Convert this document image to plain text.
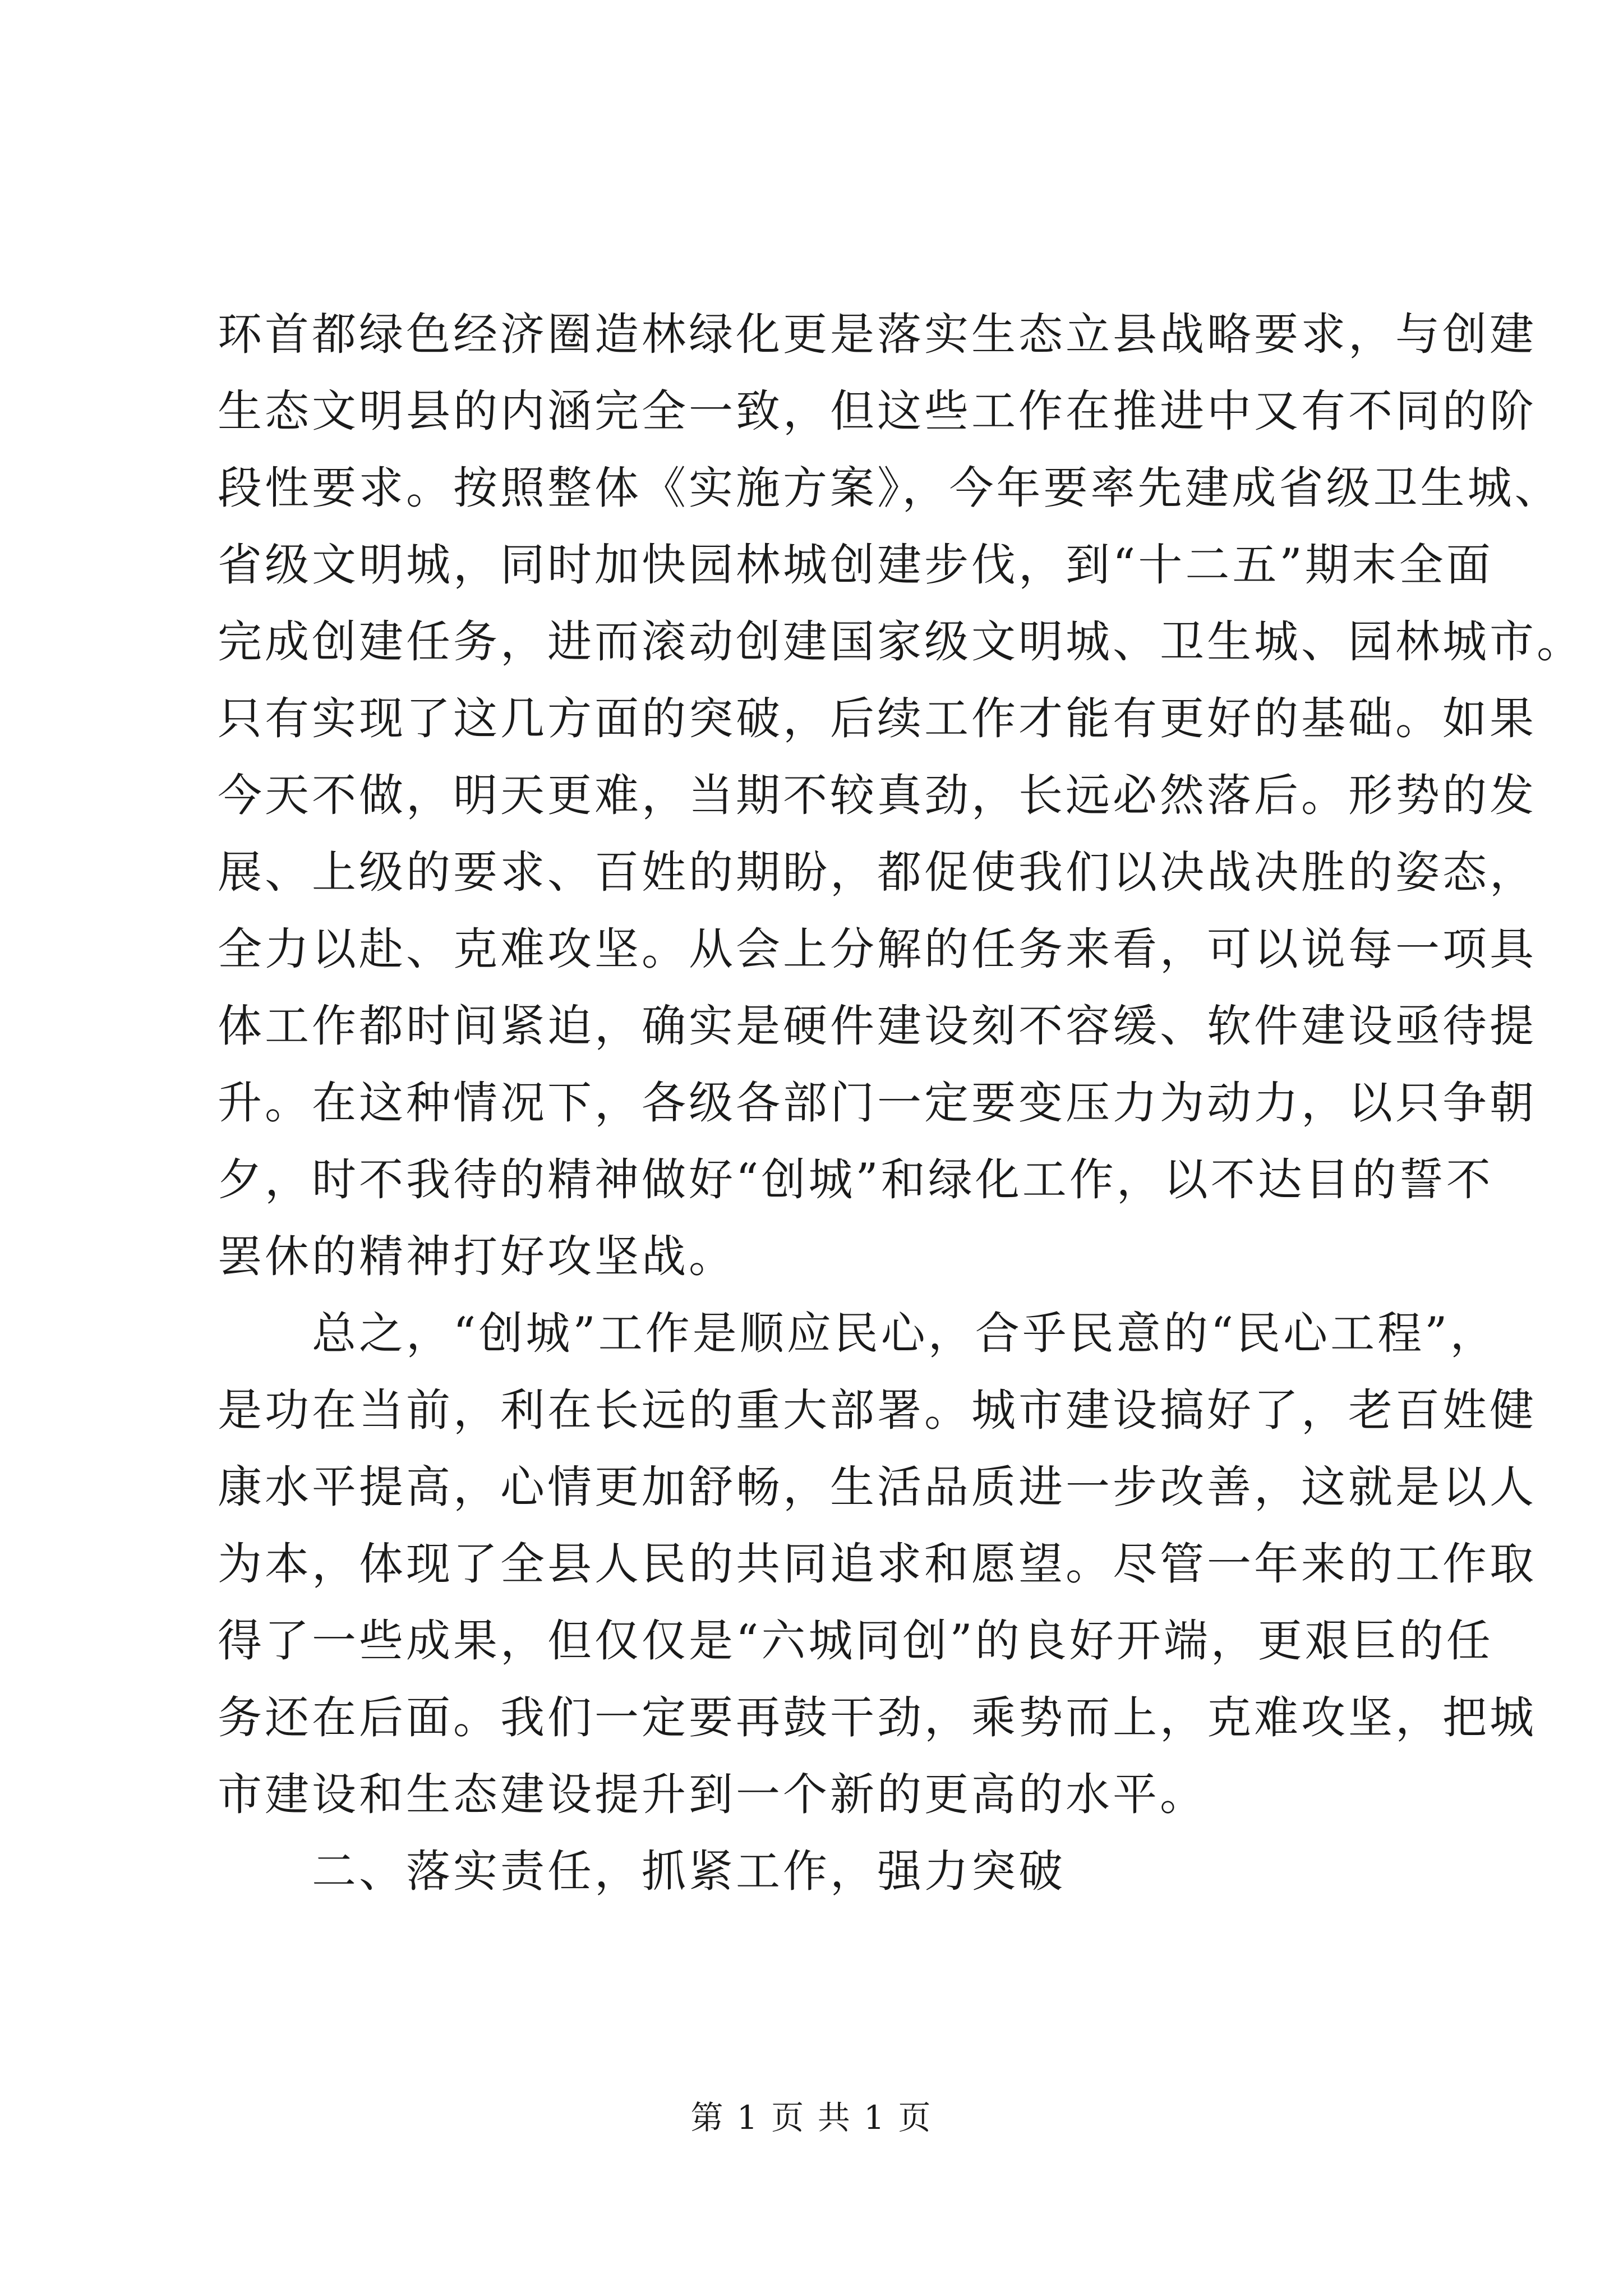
环首都绿色经济圈造林绿化更是落实生态立县战略要求，与创建
生态文明县的内涵完全一致，但这些工作在推进中又有不同的阶
段性要求。按照整体《实施方案》，今年要率先建成省级卫生城、
省级文明城，同时加快园林城创建步伐，到“十二五”期末全面
完成创建任务，进而滚动创建国家级文明城、卫生城、园林城市。
只有实现了这几方面的突破，后续工作才能有更好的基础。如果
今天不做，明天更难，当期不较真劲，长远必然落后。形势的发
展、上级的要求、百姓的期盼，都促使我们以决战决胜的姿态，
全力以赴、克难攻坚。从会上分解的任务来看，可以说每一项具
体工作都时间紧迫，确实是硬件建设刻不容缓、软件建设亟待提
升。在这种情况下，各级各部门一定要变压力为动力，以只争朝
夕，时不我待的精神做好“创城”和绿化工作，以不达目的誓不
罢休的精神打好攻坚战。
总之，“创城”工作是顺应民心，合乎民意的“民心工程”，
是功在当前，利在长远的重大部署。城市建设搞好了，老百姓健
康水平提高，心情更加舒畅，生活品质进一步改善，这就是以人
为本，体现了全县人民的共同追求和愿望。尽管一年来的工作取
得了一些成果，但仅仅是“六城同创”的良好开端，更艰巨的任
务还在后面。我们一定要再鼓干劲，乘势而上，克难攻坚，把城
市建设和生态建设提升到一个新的更高的水平。
二、落实责任，抓紧工作，强力突破
第 1 页 共 1 页
